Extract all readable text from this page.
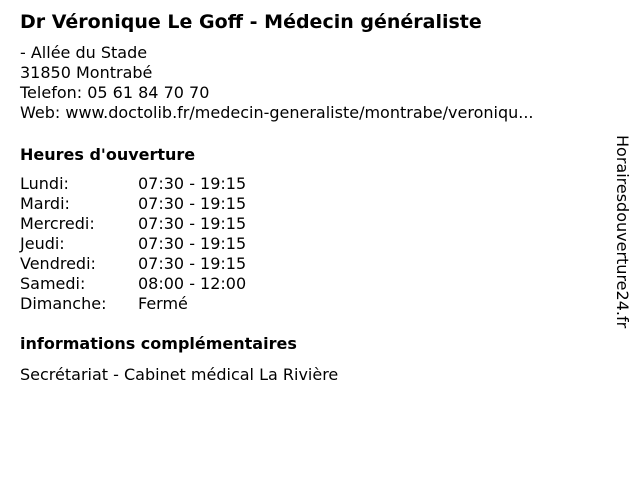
Dr Véronique Le Goff - Médecin généraliste
- Allée du Stade
31850 Montrabé
Telefon: 05 61 84 70 70
Web: www.doctolib.fr/medecin-generaliste/montrabe/veroniqu...
Heures d'ouverture
Lundi:	07:30 - 19:15
Mardi:	07:30 - 19:15
Mercredi:	07:30 - 19:15
Jeudi:	07:30 - 19:15
Vendredi:	07:30 - 19:15
Samedi:	08:00 - 12:00
Dimanche: Fermé
informations complémentaires
Secrétariat - Cabinet médical La Rivière
Horairesdouverture24.fr
